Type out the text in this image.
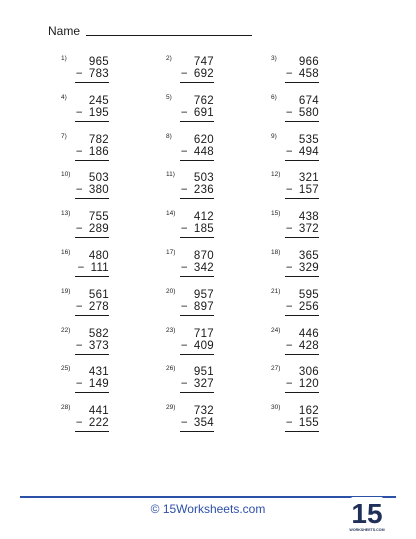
Name
1) 965
− 783
2) 747
− 692
3) 966
− 458
4) 245
− 195
5) 762
− 691
6) 674
− 580
7) 782
− 186
8) 620
− 448
9) 535
− 494
10) 503
− 380
11) 503
− 236
12) 321
− 157
13) 755
− 289
14) 412
− 185
15) 438
− 372
16) 480
− 111
17) 870
− 342
18) 365
− 329
19) 561
− 278
20) 957
− 897
21) 595
− 256
22) 582
− 373
23) 717
− 409
24) 446
− 428
25) 431
− 149
26) 951
− 327
27) 306
− 120
28) 441
− 222
29) 732
− 354
30) 162
− 155
© 15Worksheets.com	15
WORKSHEETS.COM
